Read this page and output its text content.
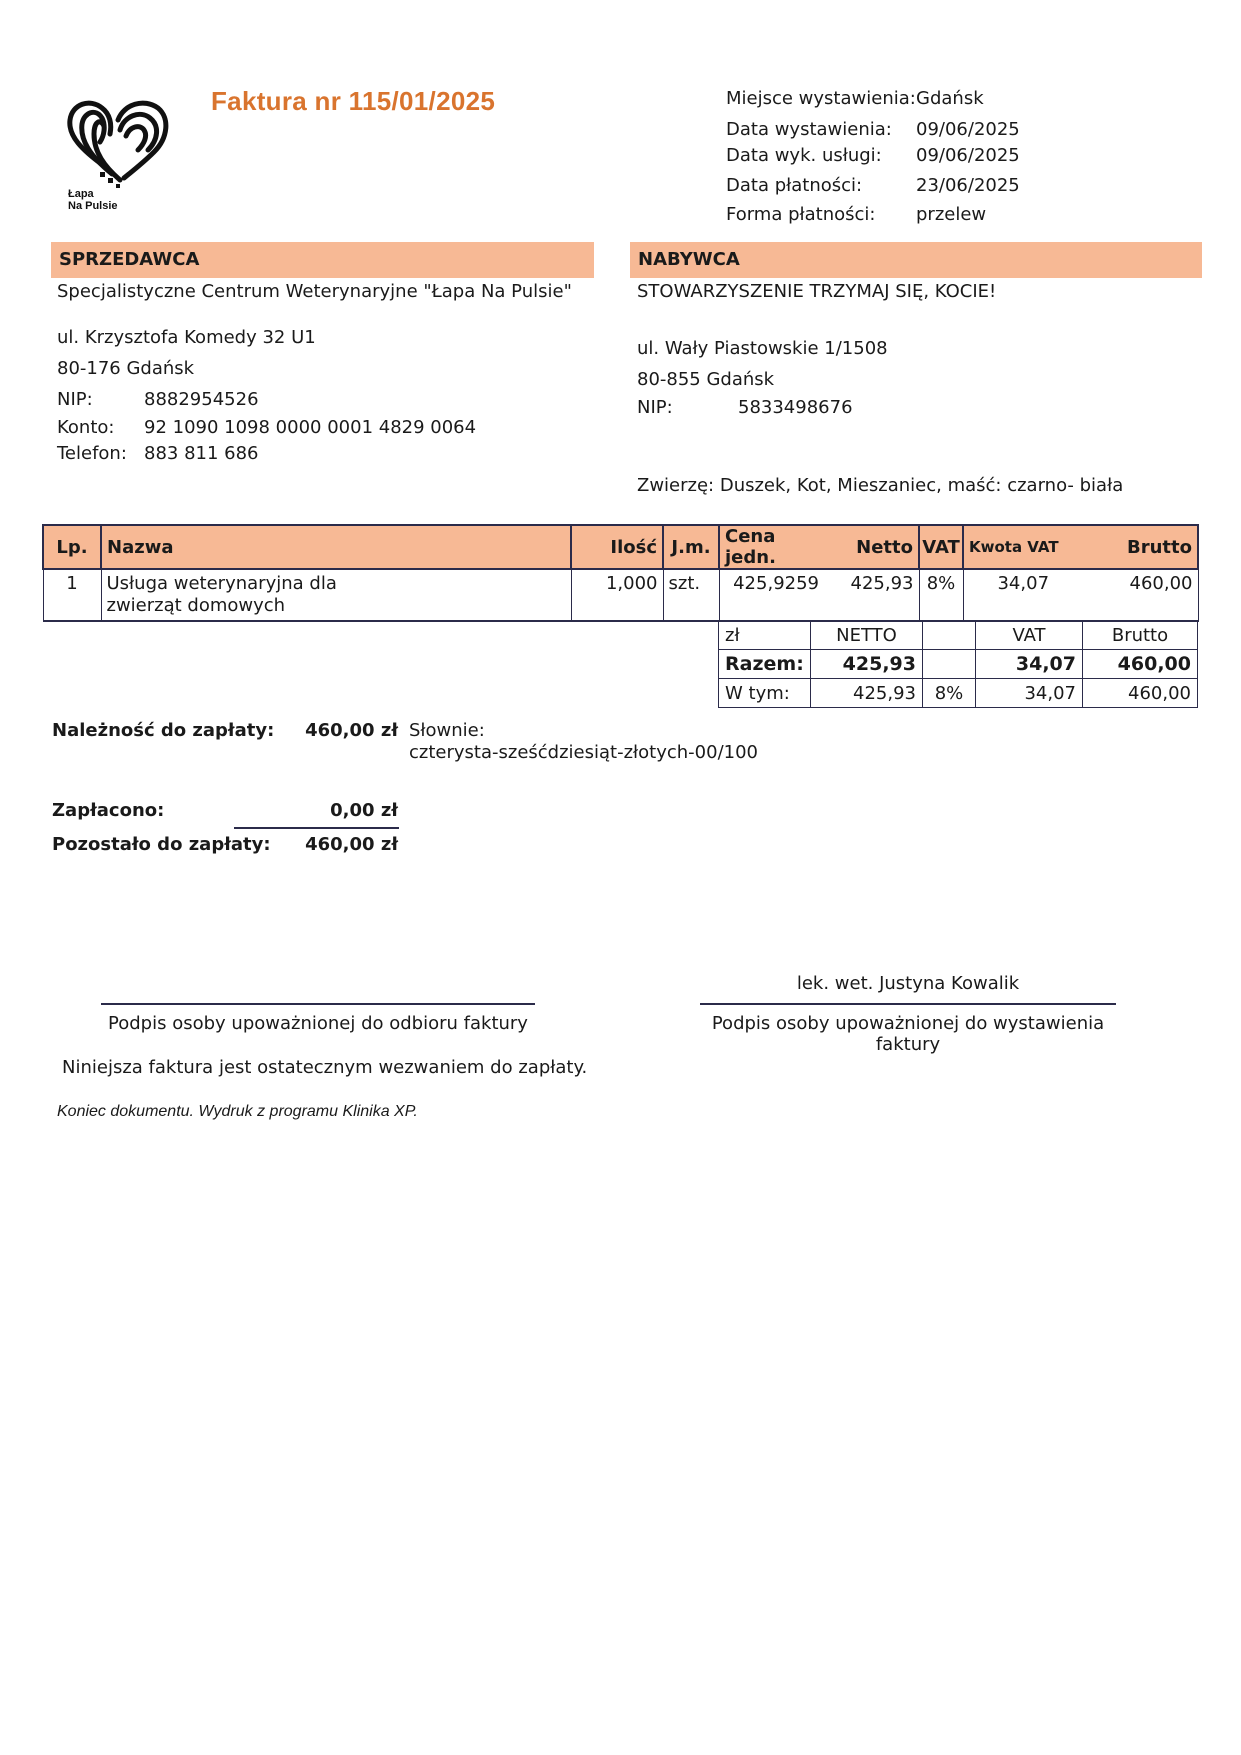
Łapa
Na Pulsie
Faktura nr 115/01/2025	Miejsce wystawienia: Gdańsk
Data wystawienia: 09/06/2025
Data wyk. usługi: 09/06/2025
Data płatności:	23/06/2025
Forma płatności: przelew
SPRZEDAWCA
Specjalistyczne Centrum Weterynaryjne "Łapa Na Pulsie"
ul. Krzysztofa Komedy 32 U1
80-176 Gdańsk
NIP:	8882954526
Konto: 92 1090 1098 0000 0001 4829 0064
Telefon: 883 811 686
NABYWCA
STOWARZYSZENIE TRZYMAJ SIĘ, KOCIE!
ul. Wały Piastowskie 1/1508
80-855 Gdańsk
NIP:	5833498676
Zwierzę: Duszek, Kot, Mieszaniec, maść: czarno- biała
Lp.	Nazwa	Ilość	J.m.	Cena jedn.	Netto	VAT	Kwota VAT	Brutto
1	Usługa weterynaryjna dla
zwierząt domowych	1,000	szt.	425,9259	425,93	8%	34,07	460,00
zł	NETTO		VAT	Brutto
Razem:	425,93		34,07	460,00
W tym:	425,93	8%	34,07	460,00
Należność do zapłaty:	460,00 zł Słownie:
czterysta-sześćdziesiąt-złotych-00/100
Zapłacono:	0,00 zł
Pozostało do zapłaty:	460,00 zł
lek. wet. Justyna Kowalik
Podpis osoby upoważnionej do odbioru faktury	Podpis osoby upoważnionej do wystawienia
faktury
Niniejsza faktura jest ostatecznym wezwaniem do zapłaty.
Koniec dokumentu. Wydruk z programu Klinika XP.
